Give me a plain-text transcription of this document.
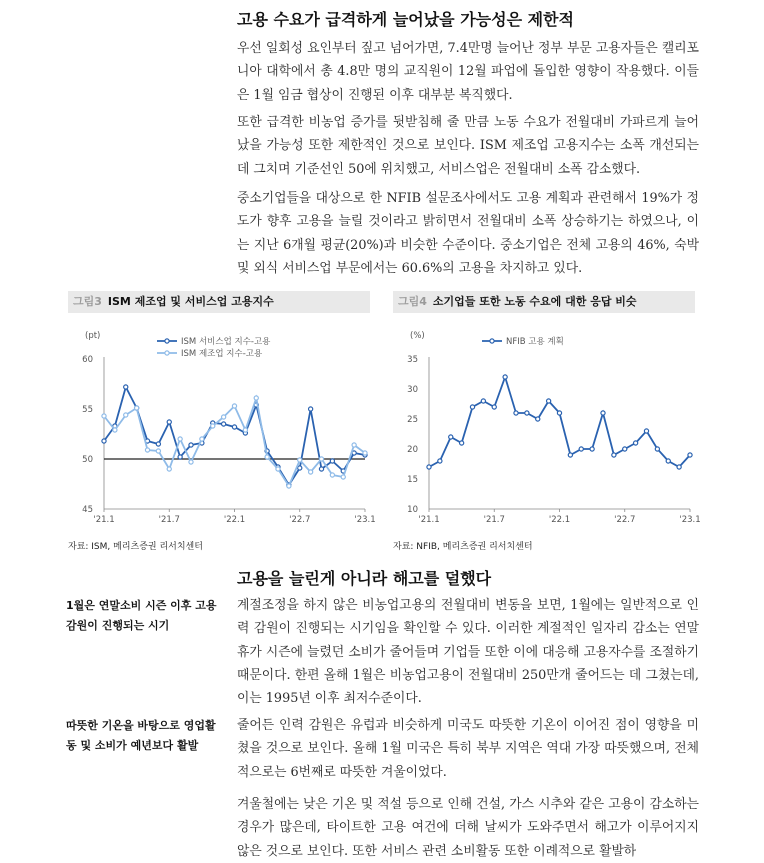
고용 수요가 급격하게 늘어났을 가능성은 제한적

우선 일회성 요인부터 짚고 넘어가면, 7.4만명 늘어난 정부 부문 고용자들은 캘리포니아 대학에서 총 4.8만 명의 교직원이 12월 파업에 돌입한 영향이 작용했다. 이들은 1월 임금 협상이 진행된 이후 대부분 복직했다.

또한 급격한 비농업 증가를 뒷받침해 줄 만큼 노동 수요가 전월대비 가파르게 늘어났을 가능성 또한 제한적인 것으로 보인다. ISM 제조업 고용지수는 소폭 개선되는 데 그치며 기준선인 50에 위치했고, 서비스업은 전월대비 소폭 감소했다.

중소기업들을 대상으로 한 NFIB 설문조사에서도 고용 계획과 관련해서 19%가 정도가 향후 고용을 늘릴 것이라고 밝히면서 전월대비 소폭 상승하기는 하였으나, 이는 지난 6개월 평균(20%)과 비슷한 수준이다. 중소기업은 전체 고용의 46%, 숙박 및 외식 서비스업 부문에서는 60.6%의 고용을 차지하고 있다.

그림3 ISM 제조업 및 서비스업 고용지수
(pt)
45
50
55
60
'21.1	'21.7	'22.1	'22.7	'23.1
ISM 서비스업 지수-고용
ISM 제조업 지수-고용
자료: ISM, 메리츠증권 리서치센터
그림4 소기업들 또한 노동 수요에 대한 응답 비슷
(%)
10
15
20
25
30
35
'21.1	'21.7	'22.1	'22.7	'23.1
NFIB 고용 계획
자료: NFIB, 메리츠증권 리서치센터
고용을 늘린게 아니라 해고를 덜했다

1월은 연말소비 시즌 이후 고용 감원이 진행되는 시기

계절조정을 하지 않은 비농업고용의 전월대비 변동을 보면, 1월에는 일반적으로 인력 감원이 진행되는 시기임을 확인할 수 있다. 이러한 계절적인 일자리 감소는 연말휴가 시즌에 늘렸던 소비가 줄어들며 기업들 또한 이에 대응해 고용자수를 조절하기 때문이다. 한편 올해 1월은 비농업고용이 전월대비 250만개 줄어드는 데 그쳤는데, 이는 1995년 이후 최저수준이다.

따뜻한 기온을 바탕으로 영업활동 및 소비가 예년보다 활발

줄어든 인력 감원은 유럽과 비슷하게 미국도 따뜻한 기온이 이어진 점이 영향을 미쳤을 것으로 보인다. 올해 1월 미국은 특히 북부 지역은 역대 가장 따뜻했으며, 전체적으로는 6번째로 따뜻한 겨울이었다.

겨울철에는 낮은 기온 및 적설 등으로 인해 건설, 가스 시추와 같은 고용이 감소하는 경우가 많은데, 타이트한 고용 여건에 더해 날씨가 도와주면서 해고가 이루어지지 않은 것으로 보인다. 또한 서비스 관련 소비활동 또한 이례적으로 활발하
